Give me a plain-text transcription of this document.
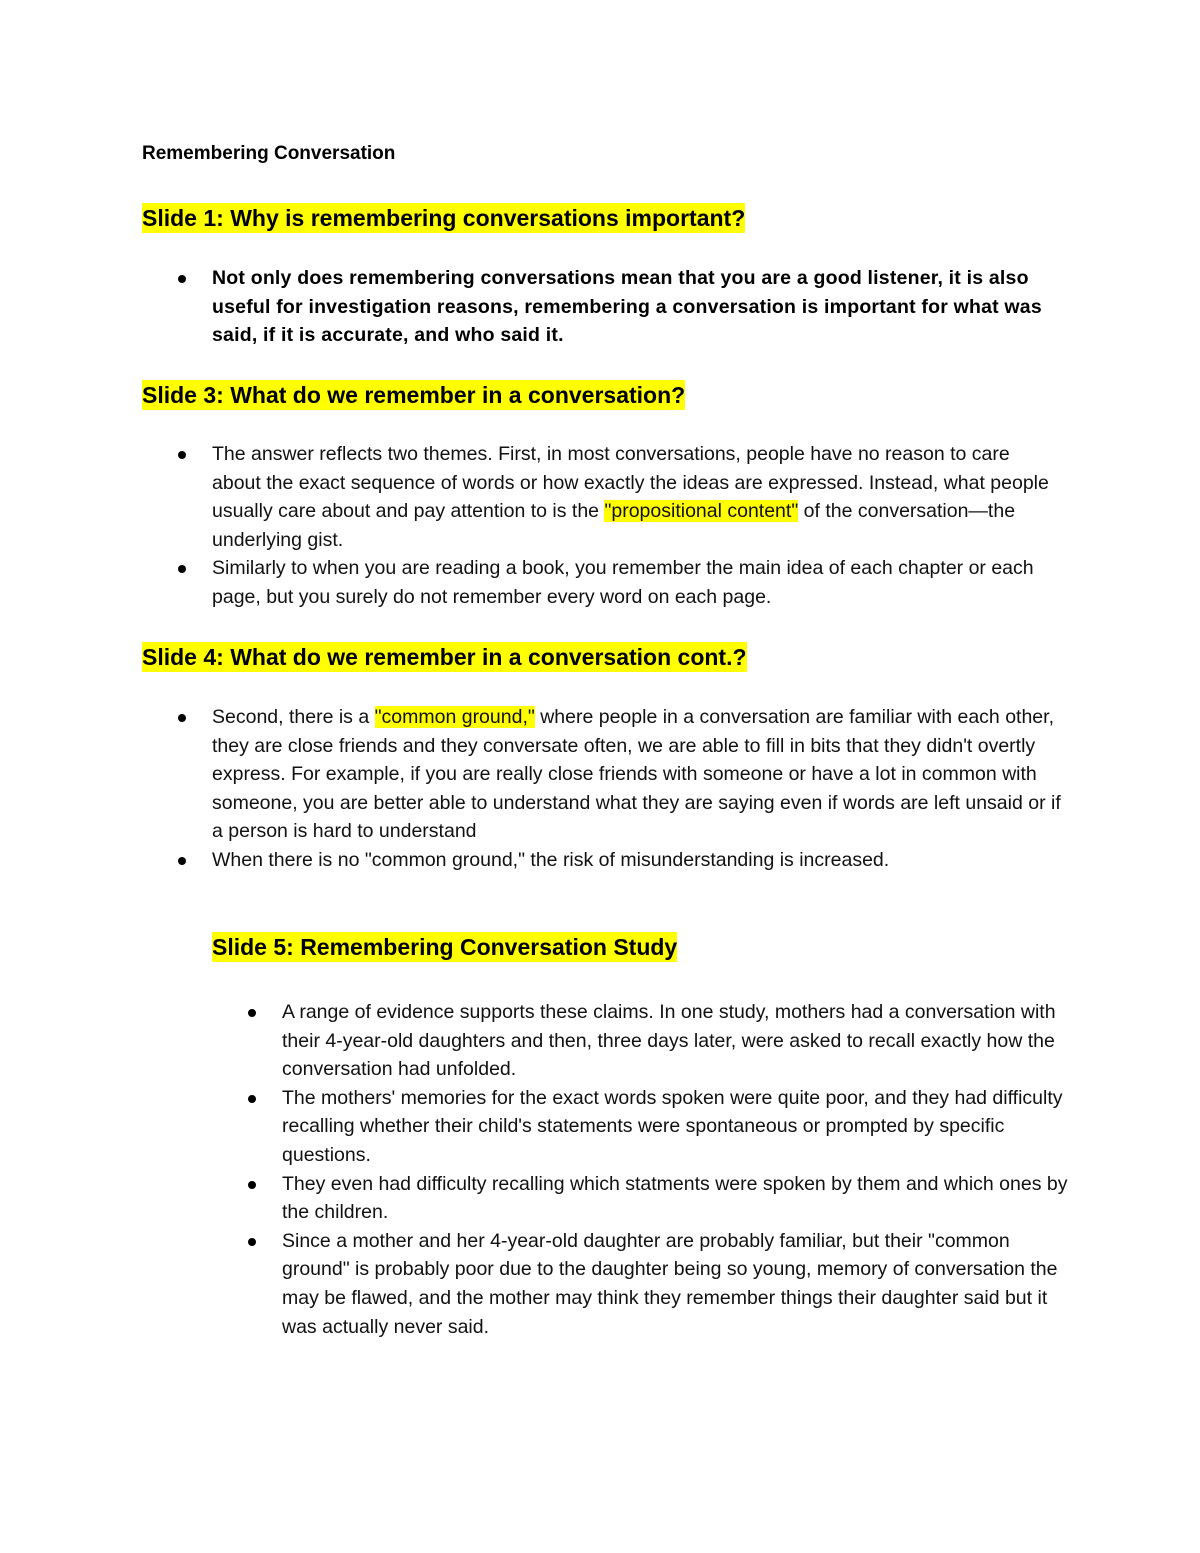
Remembering Conversation
Slide 1: Why is remembering conversations important?
Not only does remembering conversations mean that you are a good listener, it is also useful for investigation reasons, remembering a conversation is important for what was said, if it is accurate, and who said it.
Slide 3: What do we remember in a conversation?
The answer reflects two themes. First, in most conversations, people have no reason to care about the exact sequence of words or how exactly the ideas are expressed. Instead, what people usually care about and pay attention to is the "propositional content" of the conversation—the underlying gist.
Similarly to when you are reading a book, you remember the main idea of each chapter or each page, but you surely do not remember every word on each page.
Slide 4: What do we remember in a conversation cont.?
Second, there is a "common ground," where people in a conversation are familiar with each other, they are close friends and they conversate often, we are able to fill in bits that they didn't overtly express. For example, if you are really close friends with someone or have a lot in common with someone, you are better able to understand what they are saying even if words are left unsaid or if a person is hard to understand
When there is no "common ground," the risk of misunderstanding is increased.
Slide 5: Remembering Conversation Study
A range of evidence supports these claims. In one study, mothers had a conversation with their 4-year-old daughters and then, three days later, were asked to recall exactly how the conversation had unfolded.
The mothers' memories for the exact words spoken were quite poor, and they had difficulty recalling whether their child's statements were spontaneous or prompted by specific questions.
They even had difficulty recalling which statments were spoken by them and which ones by the children.
Since a mother and her 4-year-old daughter are probably familiar, but their "common ground" is probably poor due to the daughter being so young, memory of conversation the may be flawed, and the mother may think they remember things their daughter said but it was actually never said.
